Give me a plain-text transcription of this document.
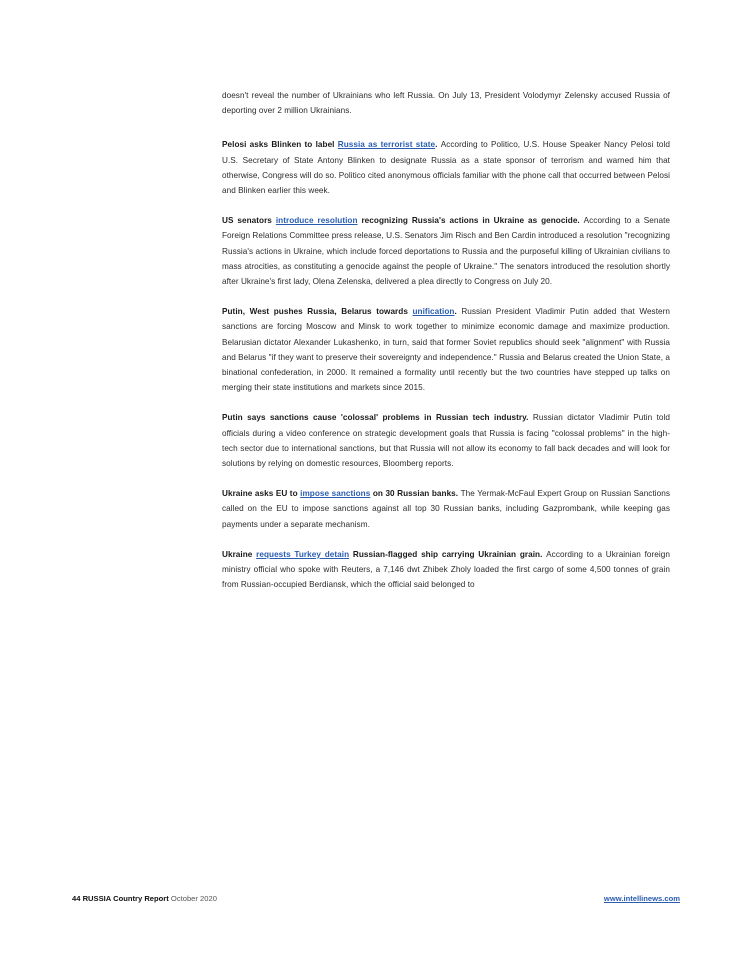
doesn't reveal the number of Ukrainians who left Russia. On July 13, President Volodymyr Zelensky accused Russia of deporting over 2 million Ukrainians.

Pelosi asks Blinken to label Russia as terrorist state. According to Politico, U.S. House Speaker Nancy Pelosi told U.S. Secretary of State Antony Blinken to designate Russia as a state sponsor of terrorism and warned him that otherwise, Congress will do so. Politico cited anonymous officials familiar with the phone call that occurred between Pelosi and Blinken earlier this week.

US senators introduce resolution recognizing Russia's actions in Ukraine as genocide. According to a Senate Foreign Relations Committee press release, U.S. Senators Jim Risch and Ben Cardin introduced a resolution "recognizing Russia's actions in Ukraine, which include forced deportations to Russia and the purposeful killing of Ukrainian civilians to mass atrocities, as constituting a genocide against the people of Ukraine." The senators introduced the resolution shortly after Ukraine's first lady, Olena Zelenska, delivered a plea directly to Congress on July 20.

Putin, West pushes Russia, Belarus towards unification. Russian President Vladimir Putin added that Western sanctions are forcing Moscow and Minsk to work together to minimize economic damage and maximize production. Belarusian dictator Alexander Lukashenko, in turn, said that former Soviet republics should seek "alignment" with Russia and Belarus "if they want to preserve their sovereignty and independence." Russia and Belarus created the Union State, a binational confederation, in 2000. It remained a formality until recently but the two countries have stepped up talks on merging their state institutions and markets since 2015.

Putin says sanctions cause 'colossal' problems in Russian tech industry. Russian dictator Vladimir Putin told officials during a video conference on strategic development goals that Russia is facing "colossal problems" in the high-tech sector due to international sanctions, but that Russia will not allow its economy to fall back decades and will look for solutions by relying on domestic resources, Bloomberg reports.

Ukraine asks EU to impose sanctions on 30 Russian banks. The Yermak-McFaul Expert Group on Russian Sanctions called on the EU to impose sanctions against all top 30 Russian banks, including Gazprombank, while keeping gas payments under a separate mechanism.

Ukraine requests Turkey detain Russian-flagged ship carrying Ukrainian grain. According to a Ukrainian foreign ministry official who spoke with Reuters, a 7,146 dwt Zhibek Zholy loaded the first cargo of some 4,500 tonnes of grain from Russian-occupied Berdiansk, which the official said belonged to

44 RUSSIA Country Report October 2020	www.intellinews.com
